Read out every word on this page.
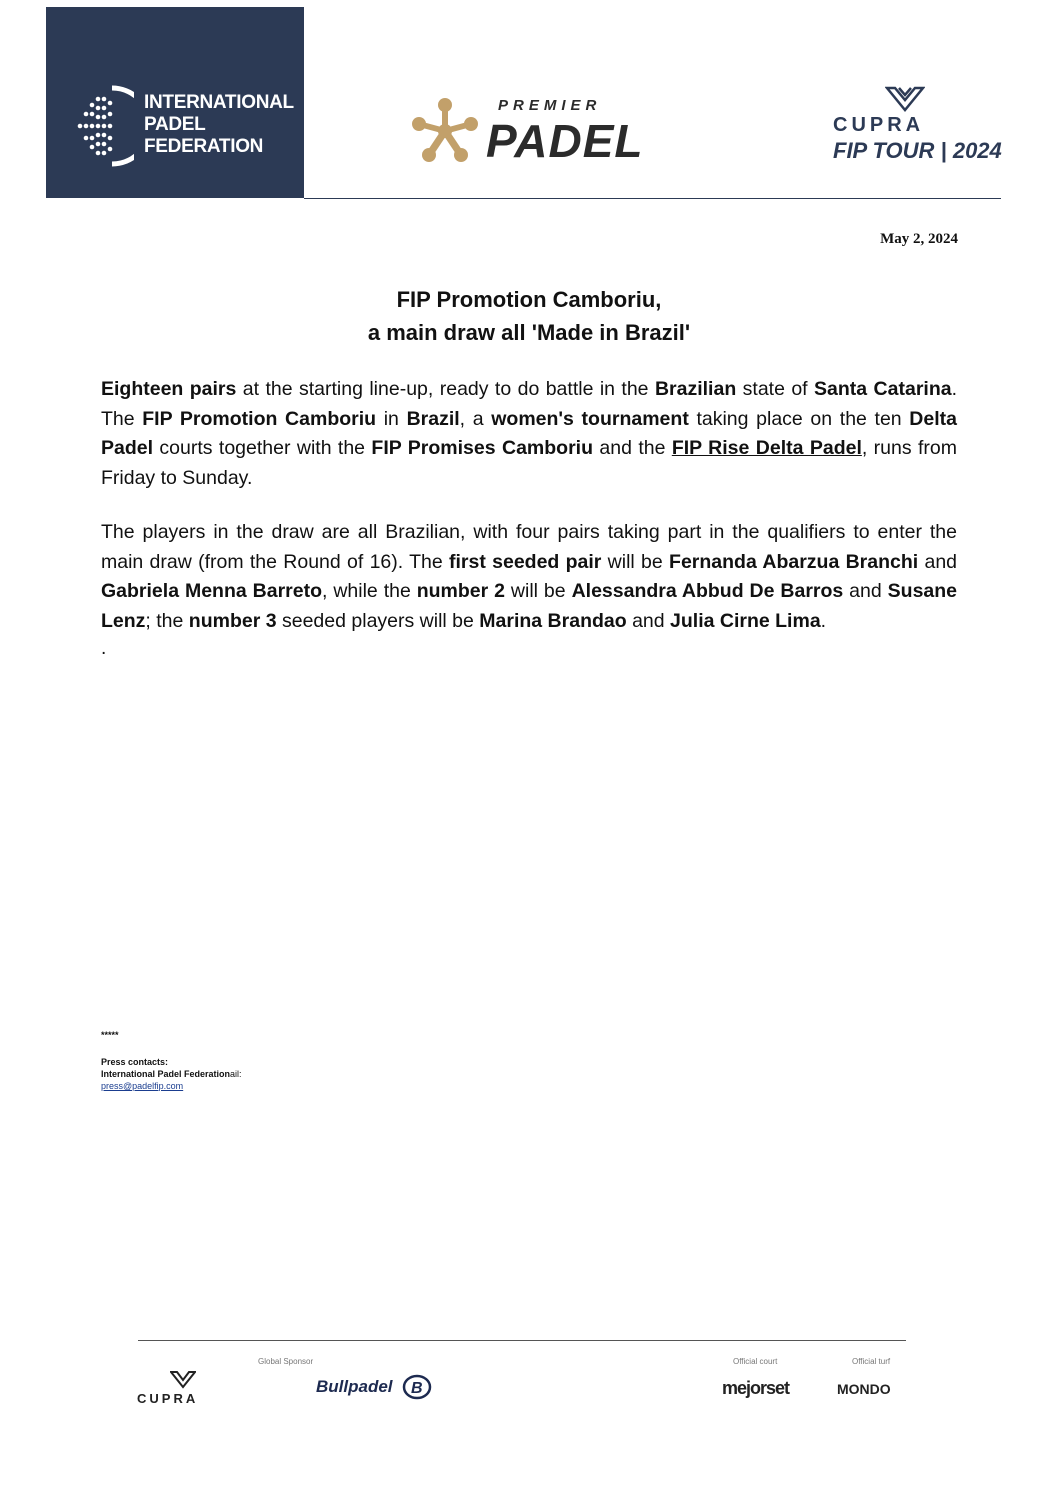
INTERNATIONAL
PADEL
FEDERATION
PREMIER
PADEL	CUPRA
FIP TOUR | 2024
May 2, 2024
FIP Promotion Camboriu,
a main draw all 'Made in Brazil'
Eighteen pairs at the starting line-up, ready to do battle in the Brazilian state of Santa Catarina. The FIP Promotion Camboriu in Brazil, a women's tournament taking place on the ten Delta Padel courts together with the FIP Promises Camboriu and the FIP Rise Delta Padel, runs from Friday to Sunday.
The players in the draw are all Brazilian, with four pairs taking part in the qualifiers to enter the main draw (from the Round of 16). The first seeded pair will be Fernanda Abarzua Branchi and Gabriela Menna Barreto, while the number 2 will be Alessandra Abbud De Barros and Susane Lenz; the number 3 seeded players will be Marina Brandao and Julia Cirne Lima.
.
*****
Press contacts:
International Padel Federationail:
press@padelfip.com
Global Sponsor	Official court	Official turf
CUPRA
Bullpadel B	mejorset	MONDO
